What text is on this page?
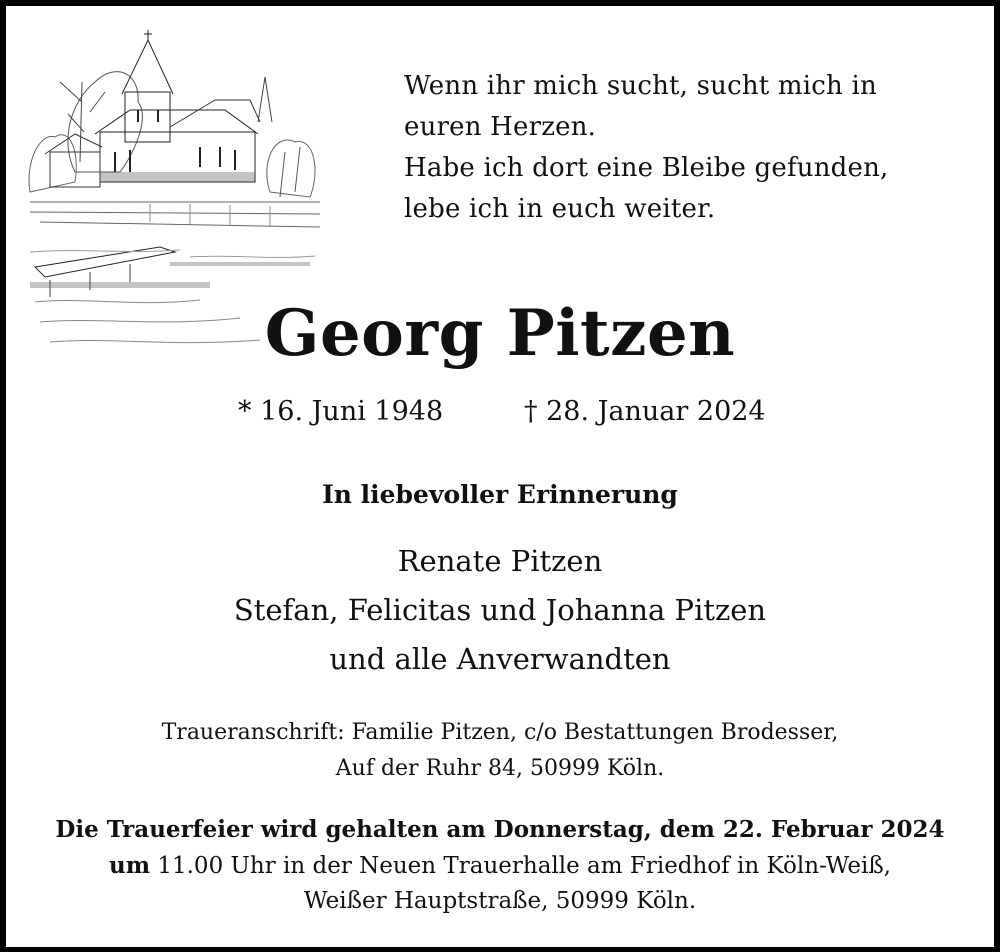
Wenn ihr mich sucht, sucht mich in
euren Herzen.
Habe ich dort eine Bleibe gefunden,
lebe ich in euch weiter.
Georg Pitzen
* 16. Juni 1948	† 28. Januar 2024
In liebevoller Erinnerung
Renate Pitzen
Stefan, Felicitas und Johanna Pitzen
und alle Anverwandten
Traueranschrift: Familie Pitzen, c/o Bestattungen Brodesser,
Auf der Ruhr 84, 50999 Köln.
Die Trauerfeier wird gehalten am Donnerstag, dem 22. Februar 2024
um 11.00 Uhr in der Neuen Trauerhalle am Friedhof in Köln-Weiß,
Weißer Hauptstraße, 50999 Köln.
